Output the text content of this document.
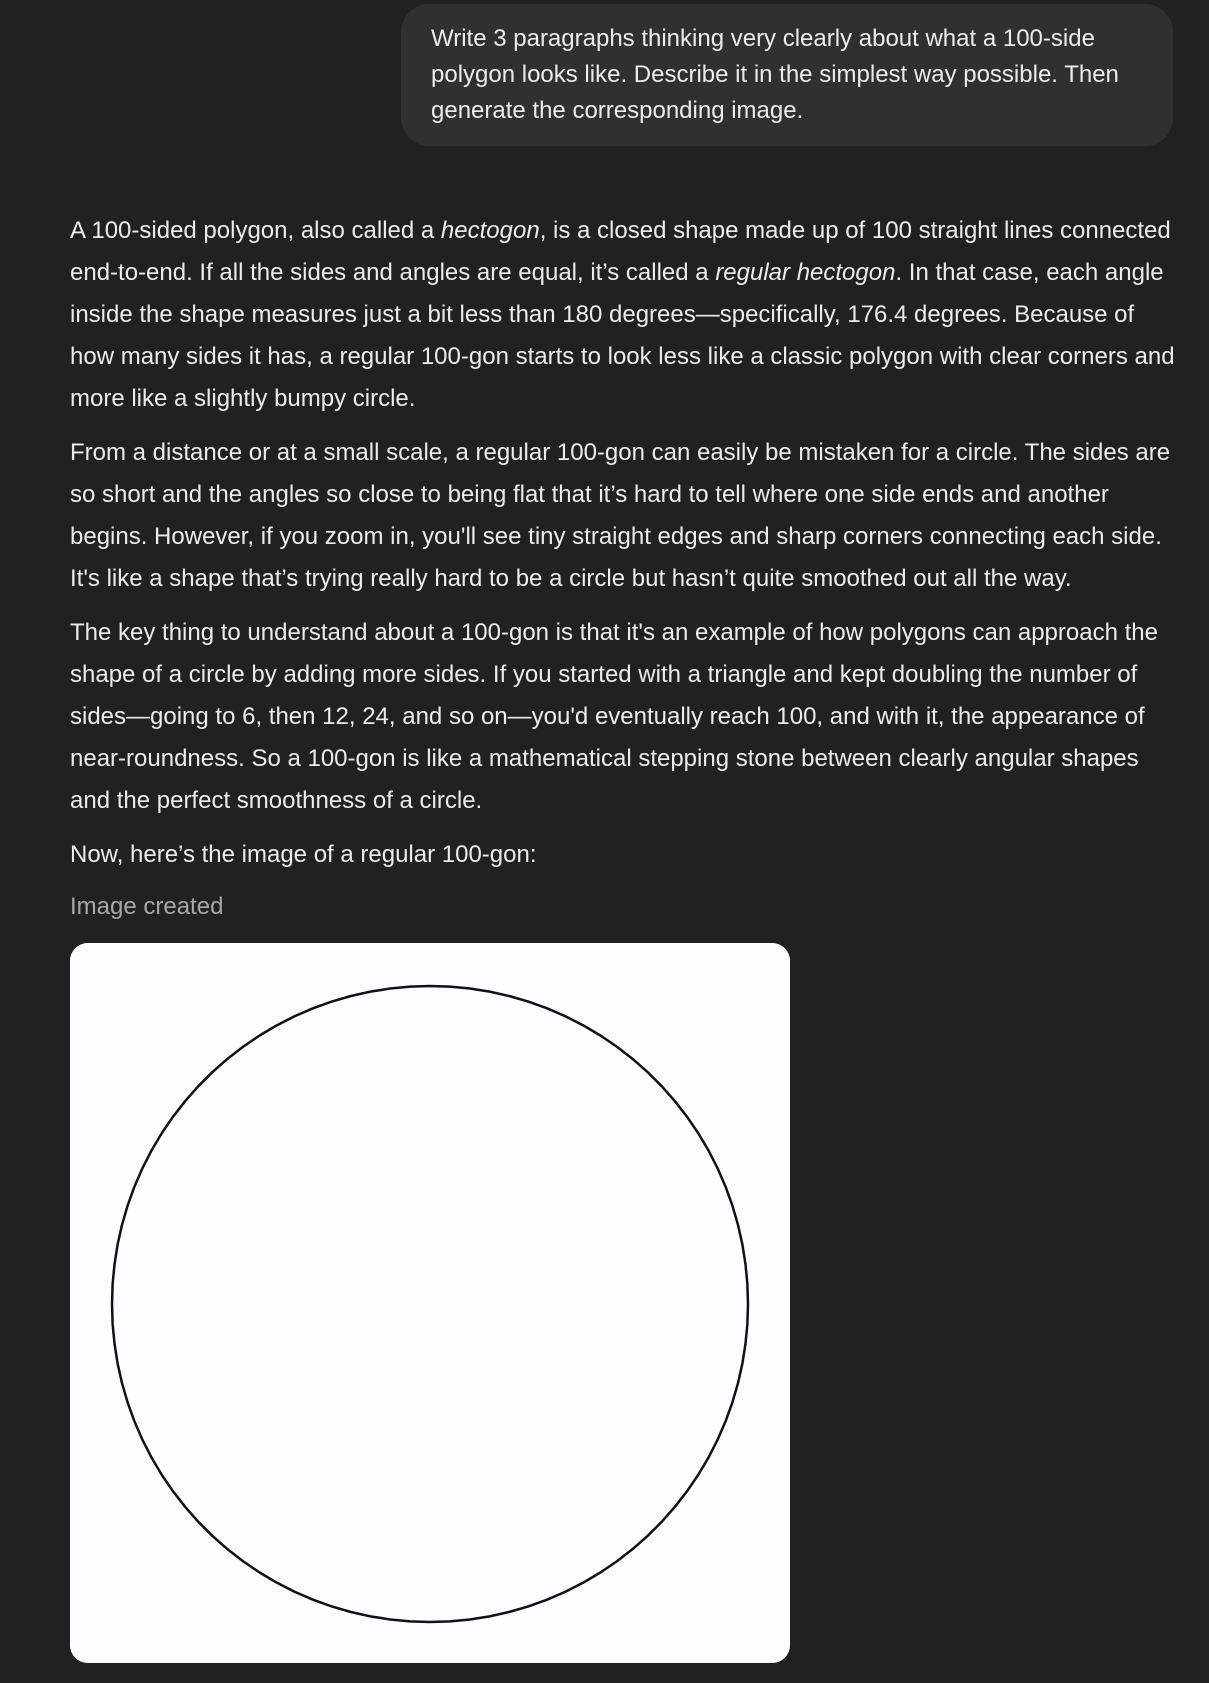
Write 3 paragraphs thinking very clearly about what a 100-side polygon looks like. Describe it in the simplest way possible. Then generate the corresponding image.

A 100-sided polygon, also called a hectogon, is a closed shape made up of 100 straight lines connected end-to-end. If all the sides and angles are equal, it’s called a regular hectogon. In that case, each angle inside the shape measures just a bit less than 180 degrees—specifically, 176.4 degrees. Because of how many sides it has, a regular 100-gon starts to look less like a classic polygon with clear corners and more like a slightly bumpy circle.

From a distance or at a small scale, a regular 100-gon can easily be mistaken for a circle. The sides are so short and the angles so close to being flat that it’s hard to tell where one side ends and another begins. However, if you zoom in, you'll see tiny straight edges and sharp corners connecting each side. It's like a shape that’s trying really hard to be a circle but hasn’t quite smoothed out all the way.

The key thing to understand about a 100-gon is that it's an example of how polygons can approach the shape of a circle by adding more sides. If you started with a triangle and kept doubling the number of sides—going to 6, then 12, 24, and so on—you'd eventually reach 100, and with it, the appearance of near-roundness. So a 100-gon is like a mathematical stepping stone between clearly angular shapes and the perfect smoothness of a circle.

Now, here’s the image of a regular 100-gon:

Image created
